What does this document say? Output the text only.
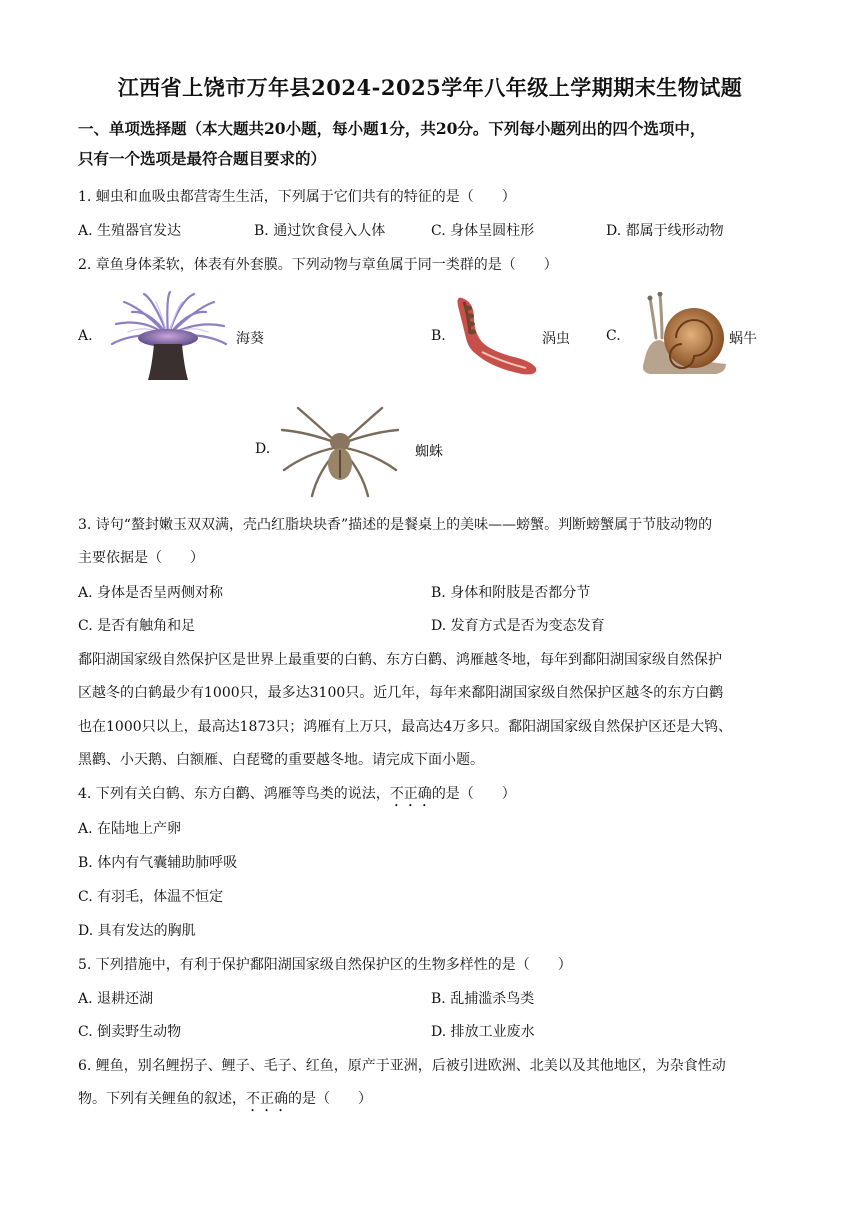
江西省上饶市万年县2024-2025学年八年级上学期期末生物试题
一、单项选择题（本大题共20小题，每小题1分，共20分。下列每小题列出的四个选项中，
只有一个选项是最符合题目要求的）
1. 蛔虫和血吸虫都营寄生生活，下列属于它们共有的特征的是（　　）
A. 生殖器官发达	B. 通过饮食侵入人体	C. 身体呈圆柱形	D. 都属于线形动物
2. 章鱼身体柔软，体表有外套膜。下列动物与章鱼属于同一类群的是（　　）
A.	海葵	B.	涡虫	C.	蜗牛
D.	蜘蛛
3. 诗句“螯封嫩玉双双满，壳凸红脂块块香”描述的是餐桌上的美味——螃蟹。判断螃蟹属于节肢动物的
主要依据是（　　）
A. 身体是否呈两侧对称	B. 身体和附肢是否都分节
C. 是否有触角和足	D. 发育方式是否为变态发育
鄱阳湖国家级自然保护区是世界上最重要的白鹤、东方白鹳、鸿雁越冬地，每年到鄱阳湖国家级自然保护
区越冬的白鹤最少有1000只，最多达3100只。近几年，每年来鄱阳湖国家级自然保护区越冬的东方白鹳
也在1000只以上，最高达1873只；鸿雁有上万只，最高达4万多只。鄱阳湖国家级自然保护区还是大鸨、
黑鹳、小天鹅、白额雁、白琵鹭的重要越冬地。请完成下面小题。
4. 下列有关白鹤、东方白鹳、鸿雁等鸟类的说法，不正确的是（　　）
A. 在陆地上产卵
B. 体内有气囊辅助肺呼吸
C. 有羽毛，体温不恒定
D. 具有发达的胸肌
5. 下列措施中，有利于保护鄱阳湖国家级自然保护区的生物多样性的是（　　）
A. 退耕还湖	B. 乱捕滥杀鸟类
C. 倒卖野生动物	D. 排放工业废水
6. 鲤鱼，别名鲤拐子、鲤子、毛子、红鱼，原产于亚洲，后被引进欧洲、北美以及其他地区，为杂食性动
物。下列有关鲤鱼的叙述，不正确的是（　　）
